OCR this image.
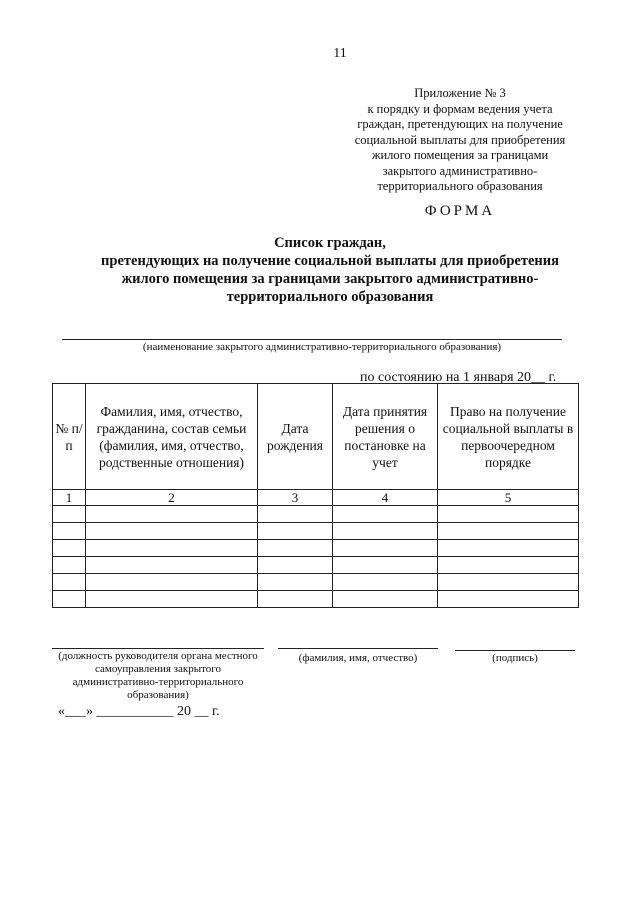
11
Приложение № 3
к порядку и формам ведения учета
граждан, претендующих на получение
социальной выплаты для приобретения
жилого помещения за границами
закрытого административно-
территориального образования
ФОРМА
Список граждан,
претендующих на получение социальной выплаты для приобретения
жилого помещения за границами закрытого административно-
территориального образования
(наименование закрытого административно-территориального образования)
по состоянию на 1 января 20__ г.
№ п/п	Фамилия, имя, отчество, гражданина, состав семьи (фамилия, имя, отчество, родственные отношения)	Дата рождения	Дата принятия решения о постановке на учет	Право на получение социальной выплаты в первоочередном порядке
1	2	3	4	5

(должность руководителя органа местного самоуправления закрытого административно-территориального образования)
(фамилия, имя, отчество)	(подпись)
«___» ___________ 20 __ г.
